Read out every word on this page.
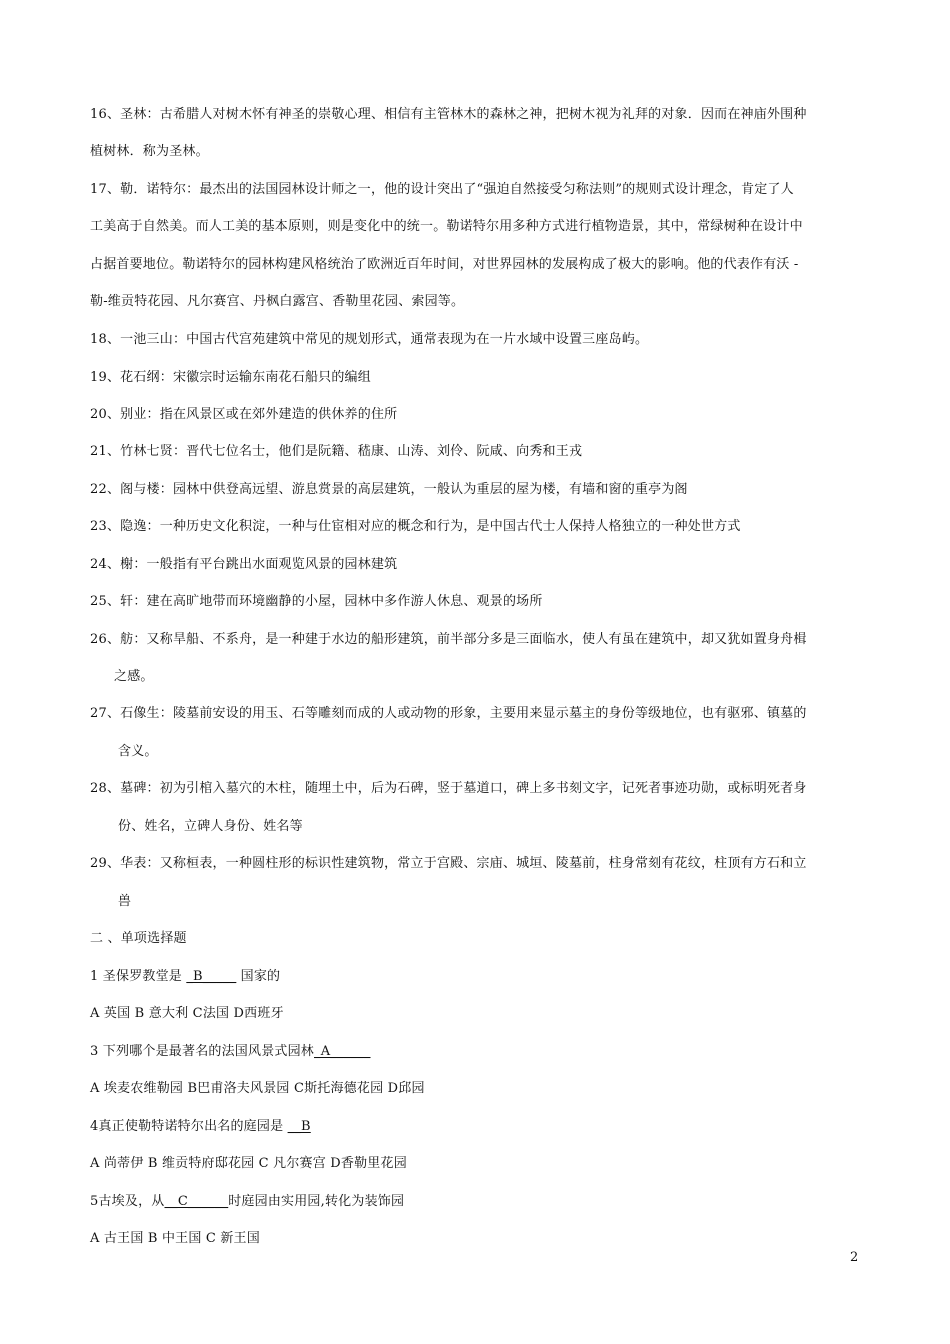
16、圣林：古希腊人对树木怀有神圣的崇敬心理、相信有主管林木的森林之神，把树木视为礼拜的对象．因而在神庙外围种
植树林．称为圣林。
17、勒．诺特尔：最杰出的法国园林设计师之一，他的设计突出了“强迫自然接受匀称法则”的规则式设计理念，肯定了人
工美高于自然美。而人工美的基本原则，则是变化中的统一。勒诺特尔用多种方式进行植物造景，其中，常绿树种在设计中
占据首要地位。勒诺特尔的园林构建风格统治了欧洲近百年时间，对世界园林的发展构成了极大的影响。他的代表作有沃 -
勒-维贡特花园、凡尔赛宫、丹枫白露宫、香勒里花园、索园等。
18、一池三山：中国古代宫苑建筑中常见的规划形式，通常表现为在一片水域中设置三座岛屿。
19、花石纲：宋徽宗时运输东南花石船只的编组
20、别业：指在风景区或在郊外建造的供休养的住所
21、竹林七贤：晋代七位名士，他们是阮籍、嵇康、山涛、刘伶、阮咸、向秀和王戎
22、阁与楼：园林中供登高远望、游息赏景的高层建筑，一般认为重层的屋为楼，有墙和窗的重亭为阁
23、隐逸：一种历史文化积淀，一种与仕宦相对应的概念和行为，是中国古代士人保持人格独立的一种处世方式
24、榭：一般指有平台跳出水面观览风景的园林建筑
25、轩：建在高旷地带而环境幽静的小屋，园林中多作游人休息、观景的场所
26、舫：又称旱船、不系舟，是一种建于水边的船形建筑，前半部分多是三面临水，使人有虽在建筑中，却又犹如置身舟楫
之感。
27、石像生：陵墓前安设的用玉、石等雕刻而成的人或动物的形象，主要用来显示墓主的身份等级地位，也有驱邪、镇墓的
含义。
28、墓碑：初为引棺入墓穴的木柱，随埋土中，后为石碑，竖于墓道口，碑上多书刻文字，记死者事迹功勋，或标明死者身
份、姓名，立碑人身份、姓名等
29、华表：又称桓表，一种圆柱形的标识性建筑物，常立于宫殿、宗庙、城垣、陵墓前，柱身常刻有花纹，柱顶有方石和立
兽
二 、单项选择题
1 圣保罗教堂是 _B_____ 国家的
A 英国 B 意大利 C法国 D西班牙
3 下列哪个是最著名的法国风景式园林_A______
A 埃麦农维勒园 B巴甫洛夫风景园 C斯托海德花园 D邱园
4真正使勒特诺特尔出名的庭园是 __B
A 尚蒂伊 B 维贡特府邸花园 C 凡尔赛宫 D香勒里花园
5古埃及，从__C______时庭园由实用园,转化为装饰园
A 古王国 B 中王国 C 新王国
2
